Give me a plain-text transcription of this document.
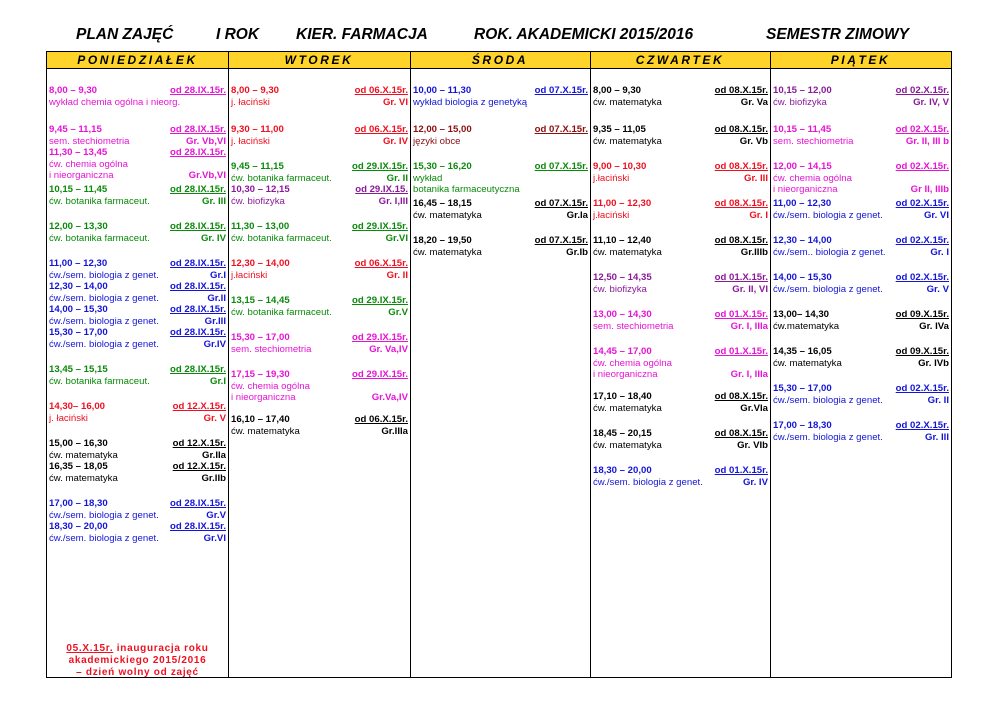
PLAN ZAJĘĆ	I ROK KIER. FARMACJA	ROK. AKADEMICKI 2015/2016	SEMESTR ZIMOWY
PONIEDZIAŁEK	WTOREK	ŚRODA	CZWARTEK	PIĄTEK
8,00 – 9,30	od 28.IX.15r.
wykład chemia ogólna i nieorg.
9,45 – 11,15	od 28.IX.15r.
sem. stechiometria	Gr. Vb,VI
11,30 – 13,45	od 28.IX.15r.
ćw. chemia ogólna
i nieorganiczna	Gr.Vb,VI
10,15 – 11,45	od 28.IX.15r.
ćw. botanika farmaceut.	Gr. III
12,00 – 13,30	od 28.IX.15r.
ćw. botanika farmaceut.	Gr. IV
11,00 – 12,30	od 28.IX.15r.
ćw./sem. biologia z genet.	Gr.I
12,30 – 14,00	od 28.IX.15r.
ćw./sem. biologia z genet.	Gr.II
14,00 – 15,30	od 28.IX.15r.
ćw./sem. biologia z genet.	Gr.III
15,30 – 17,00	od 28.IX.15r.
ćw./sem. biologia z genet.	Gr.IV
13,45 – 15,15	od 28.IX.15r.
ćw. botanika farmaceut.	Gr.I
14,30– 16,00	od 12.X.15r.
j. łaciński	Gr. V
15,00 – 16,30	od 12.X.15r.
ćw. matematyka	Gr.IIa
16,35 – 18,05	od 12.X.15r.
ćw. matematyka	Gr.IIb
17,00 – 18,30	od 28.IX.15r.
ćw./sem. biologia z genet.	Gr.V
18,30 – 20,00	od 28.IX.15r.
ćw./sem. biologia z genet.	Gr.VI
05.X.15r. inauguracja roku
akademickiego 2015/2016
– dzień wolny od zajęć
8,00 – 9,30	od 06.X.15r.
j. łaciński	Gr. VI
9,30 – 11,00	od 06.X.15r.
j. łaciński	Gr. IV
9,45 – 11,15	od 29.IX.15r.
ćw. botanika farmaceut.	Gr. II
10,30 – 12,15	od 29.IX.15.
ćw. biofizyka	Gr. I,III
11,30 – 13,00	od 29.IX.15r.
ćw. botanika farmaceut.	Gr.VI
12,30 – 14,00	od 06.X.15r.
j.łaciński	Gr. II
13,15 – 14,45	od 29.IX.15r.
ćw. botanika farmaceut.	Gr.V
15,30 – 17,00	od 29.IX.15r.
sem. stechiometria	Gr. Va,IV
17,15 – 19,30	od 29.IX.15r.
ćw. chemia ogólna
i nieorganiczna	Gr.Va,IV
16,10 – 17,40	od 06.X.15r.
ćw. matematyka	Gr.IIIa
10,00 – 11,30	od 07.X.15r.
wykład biologia z genetyką
12,00 – 15,00	od 07.X.15r.
języki obce
15,30 – 16,20	od 07.X.15r.
wykład
botanika farmaceutyczna
16,45 – 18,15	od 07.X.15r.
ćw. matematyka	Gr.Ia
18,20 – 19,50	od 07.X.15r.
ćw. matematyka	Gr.Ib
8,00 – 9,30	od 08.X.15r.
ćw. matematyka	Gr. Va
9,35 – 11,05	od 08.X.15r.
ćw. matematyka	Gr. Vb
9,00 – 10,30	od 08.X.15r.
j.łaciński	Gr. III
11,00 – 12,30	od 08.X.15r.
j.łaciński	Gr. I
11,10 – 12,40	od 08.X.15r.
ćw. matematyka	Gr.IIIb
12,50 – 14,35	od 01.X.15r.
ćw. biofizyka	Gr. II, VI
13,00 – 14,30	od 01.X.15r.
sem. stechiometria	Gr. I, IIIa
14,45 – 17,00	od 01.X.15r.
ćw. chemia ogólna
i nieorganiczna	Gr. I, IIIa
17,10 – 18,40	od 08.X.15r.
ćw. matematyka	Gr.VIa
18,45 – 20,15	od 08.X.15r.
ćw. matematyka	Gr. VIb
18,30 – 20,00	od 01.X.15r.
ćw./sem. biologia z genet.	Gr. IV
10,15 – 12,00	od 02.X.15r.
ćw. biofizyka	Gr. IV, V
10,15 – 11,45	od 02.X.15r.
sem. stechiometria	Gr. II, III b
12,00 – 14,15	od 02.X.15r.
ćw. chemia ogólna
i nieorganiczna	Gr II, IIIb
11,00 – 12,30	od 02.X.15r.
ćw./sem. biologia z genet.	Gr. VI
12,30 – 14,00	od 02.X.15r.
ćw./sem.. biologia z genet.	Gr. I
14,00 – 15,30	od 02.X.15r.
ćw./sem. biologia z genet.	Gr. V
13,00– 14,30	od 09.X.15r.
ćw.matematyka	Gr. IVa
14,35 – 16,05	od 09.X.15r.
ćw. matematyka	Gr. IVb
15,30 – 17,00	od 02.X.15r.
ćw./sem. biologia z genet.	Gr. II
17,00 – 18,30	od 02.X.15r.
ćw./sem. biologia z genet.	Gr. III
